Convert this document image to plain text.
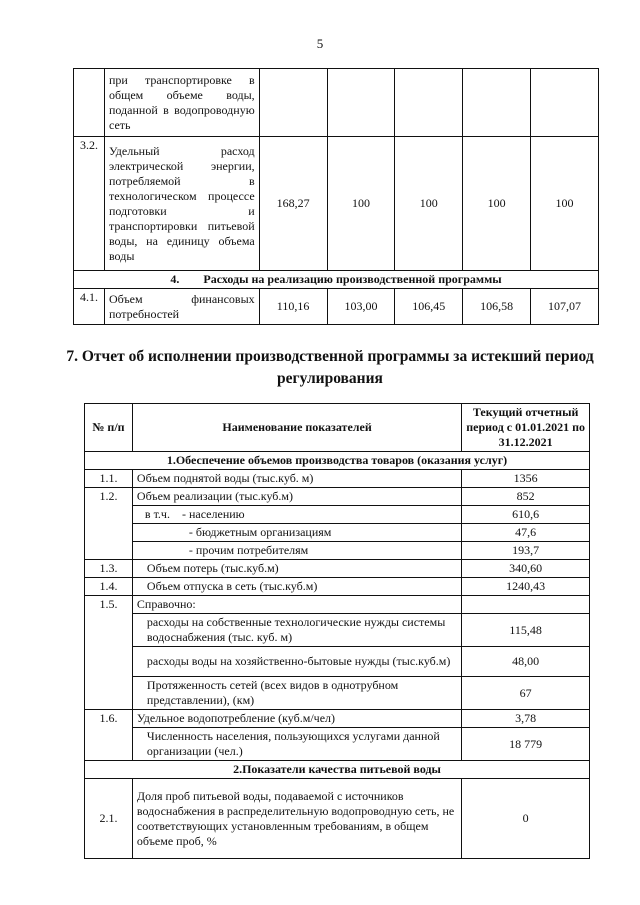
5
	при транспортировке в общем объеме воды, поданной в водопроводную сеть					
3.2.	Удельный расход электрической энергии, потребляемой в технологическом процессе подготовки и транспортировки питьевой воды, на единицу объема воды	168,27	100	100	100	100
4.        Расходы на реализацию производственной программы						
4.1.	Объем финансовых потребностей	110,16	103,00	106,45	106,58	107,07
7. Отчет об исполнении производственной программы за истекший период регулирования
№ п/п	Наименование показателей	Текущий отчетный период с 01.01.2021 по 31.12.2021
1.Обеспечение объемов производства товаров (оказания услуг)		
1.1.	Объем поднятой воды (тыс.куб. м)	1356
1.2.	Объем реализации (тыс.куб.м)	852
	в т.ч.    - населению	610,6
	- бюджетным организациям	47,6
	- прочим потребителям	193,7
1.3.	Объем потерь (тыс.куб.м)	340,60
1.4.	Объем отпуска в сеть (тыс.куб.м)	1240,43
1.5.	Справочно:	
	расходы на собственные технологические нужды системы водоснабжения (тыс. куб. м)	115,48
	расходы воды на хозяйственно-бытовые нужды (тыс.куб.м)	48,00
	Протяженность сетей (всех видов в однотрубном представлении), (км)	67
1.6.	Удельное водопотребление (куб.м/чел)	3,78
	Численность населения, пользующихся услугами данной организации (чел.)	18 779
2.Показатели качества питьевой воды		
2.1.	Доля проб питьевой воды, подаваемой с источников водоснабжения в распределительную водопроводную сеть, не соответствующих установленным требованиям, в общем объеме проб, %	0
